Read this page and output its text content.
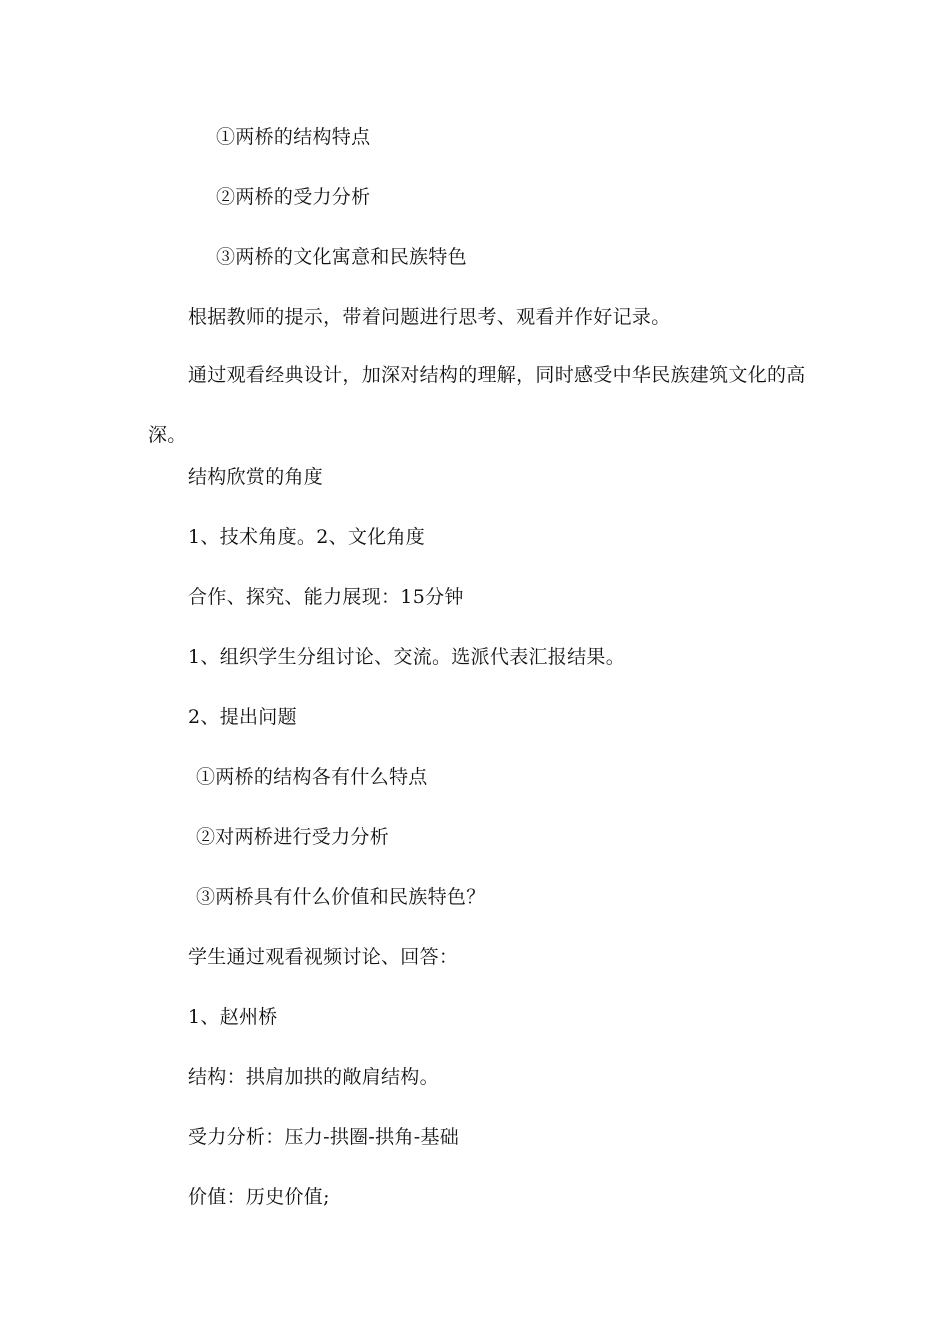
①两桥的结构特点
②两桥的受力分析
③两桥的文化寓意和民族特色
根据教师的提示，带着问题进行思考、观看并作好记录。
通过观看经典设计，加深对结构的理解，同时感受中华民族建筑文化的高深。
结构欣赏的角度
1、技术角度。2、文化角度
合作、探究、能力展现：15分钟
1、组织学生分组讨论、交流。选派代表汇报结果。
2、提出问题
①两桥的结构各有什么特点
②对两桥进行受力分析
③两桥具有什么价值和民族特色？
学生通过观看视频讨论、回答：
1、赵州桥
结构：拱肩加拱的敞肩结构。
受力分析：压力-拱圈-拱角-基础
价值：历史价值;
